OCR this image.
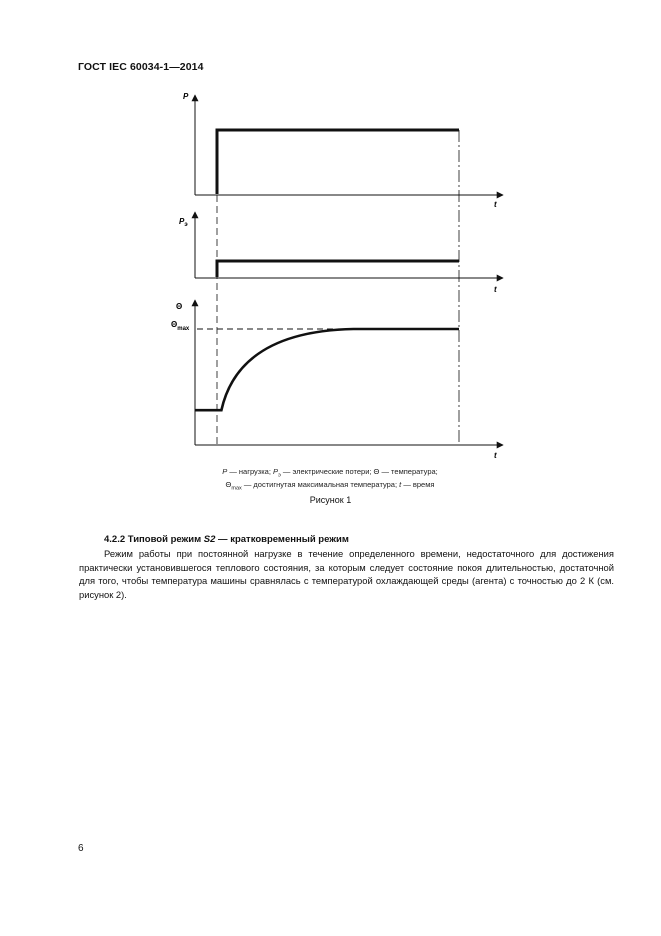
ГОСТ IEC 60034-1—2014
P
t
$P_э$
t
Θ
t
$\Theta_{max}$
P — нагрузка; $P_э$ — электрические потери; Θ — температура;
$\Theta_{max}$ — достигнутая максимальная температура; t — время
Рисунок 1
4.2.2 Типовой режим S2 — кратковременный режим
Режим работы при постоянной нагрузке в течение определенного времени, недостаточного для достижения практически установившегося теплового состояния, за которым следует состояние покоя длительностью, достаточной для того, чтобы температура машины сравнялась с температурой охлаждающей среды (агента) с точностью до 2 К (см. рисунок 2).
6
